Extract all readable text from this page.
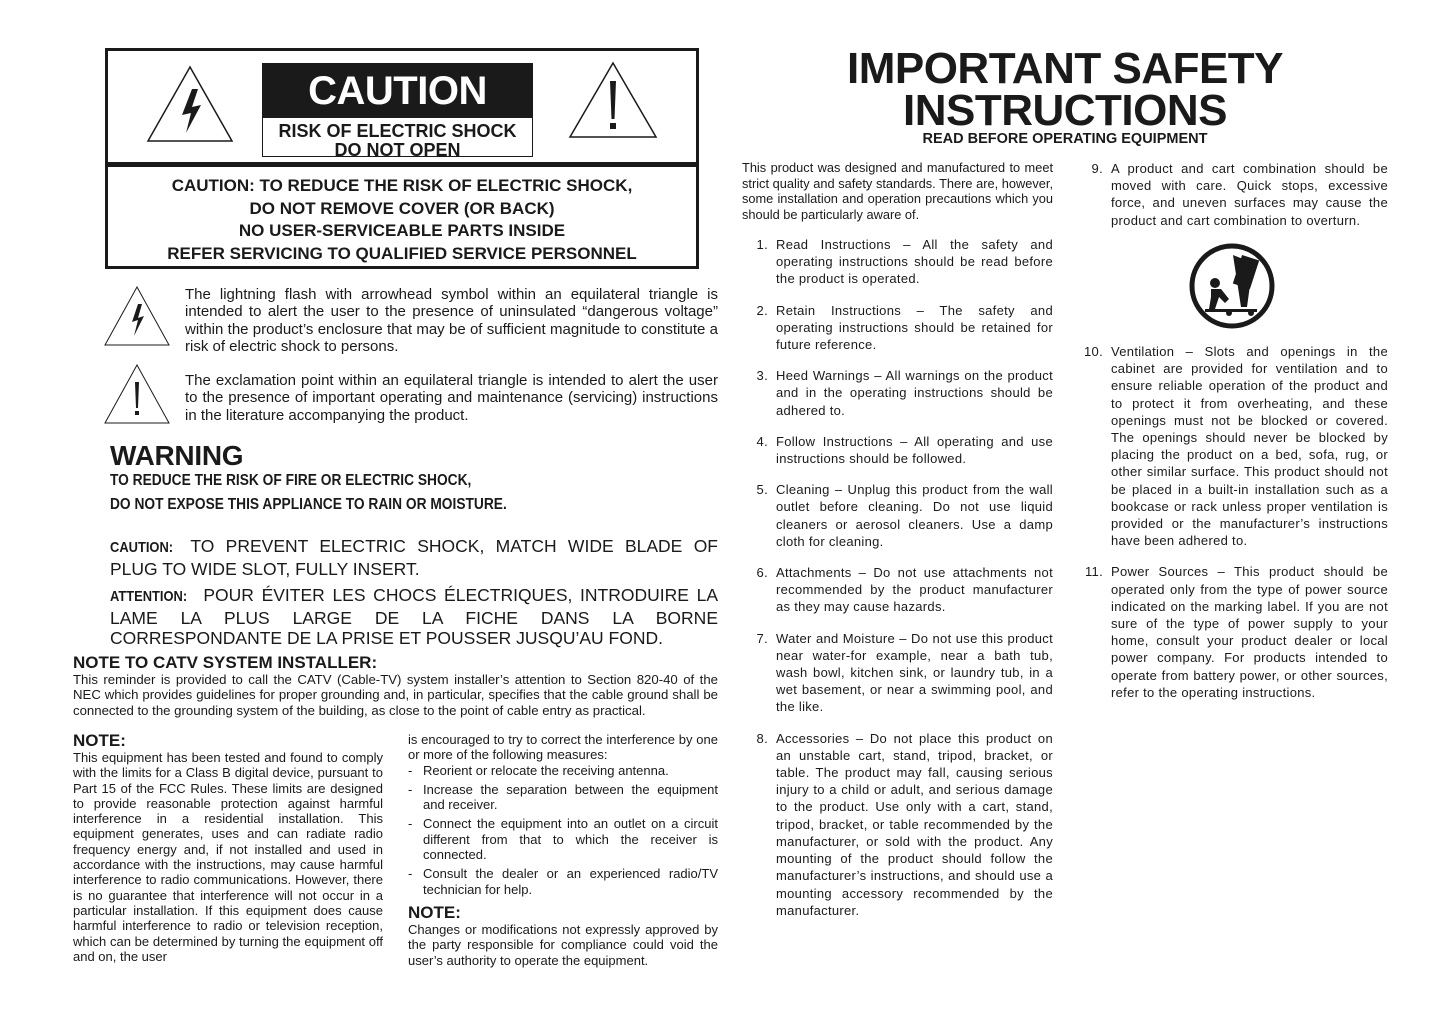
CAUTION
RISK OF ELECTRIC SHOCK
DO NOT OPEN
CAUTION: TO REDUCE THE RISK OF ELECTRIC SHOCK,
DO NOT REMOVE COVER (OR BACK)
NO USER-SERVICEABLE PARTS INSIDE
REFER SERVICING TO QUALIFIED SERVICE PERSONNEL
The lightning flash with arrowhead symbol within an equilateral triangle is intended to alert the user to the presence of uninsulated “dangerous voltage” within the product’s enclosure that may be of sufficient magnitude to constitute a risk of electric shock to persons.
The exclamation point within an equilateral triangle is intended to alert the user to the presence of important operating and maintenance (servicing) instructions in the literature accompanying the product.
WARNING
TO REDUCE THE RISK OF FIRE OR ELECTRIC SHOCK,
DO NOT EXPOSE THIS APPLIANCE TO RAIN OR MOISTURE.
CAUTION: TO PREVENT ELECTRIC SHOCK, MATCH WIDE BLADE OF PLUG TO WIDE SLOT, FULLY INSERT.
ATTENTION: POUR ÉVITER LES CHOCS ÉLECTRIQUES, INTRODUIRE LA LAME LA PLUS LARGE DE LA FICHE DANS LA BORNE CORRESPONDANTE DE LA PRISE ET POUSSER JUSQU’AU FOND.
NOTE TO CATV SYSTEM INSTALLER:
This reminder is provided to call the CATV (Cable-TV) system installer’s attention to Section 820-40 of the NEC which provides guidelines for proper grounding and, in particular, specifies that the cable ground shall be connected to the grounding system of the building, as close to the point of cable entry as practical.
NOTE:
This equipment has been tested and found to comply with the limits for a Class B digital device, pursuant to Part 15 of the FCC Rules. These limits are designed to provide reasonable protection against harmful interference in a residential installation. This equipment generates, uses and can radiate radio frequency energy and, if not installed and used in accordance with the instructions, may cause harmful interference to radio communications. However, there is no guarantee that interference will not occur in a particular installation. If this equipment does cause harmful interference to radio or television reception, which can be determined by turning the equipment off and on, the user
is encouraged to try to correct the interference by one or more of the following measures:
- Reorient or relocate the receiving antenna.
- Increase the separation between the equipment and receiver.
- Connect the equipment into an outlet on a circuit different from that to which the receiver is connected.
- Consult the dealer or an experienced radio/TV technician for help.
NOTE:
Changes or modifications not expressly approved by the party responsible for compliance could void the user’s authority to operate the equipment.
IMPORTANT SAFETY
INSTRUCTIONS
READ BEFORE OPERATING EQUIPMENT
This product was designed and manufactured to meet strict quality and safety standards. There are, however, some installation and operation precautions which you should be particularly aware of.
1. Read Instructions – All the safety and operating instructions should be read before the product is operated.
2. Retain Instructions – The safety and operating instructions should be retained for future reference.
3. Heed Warnings – All warnings on the product and in the operating instructions should be adhered to.
4. Follow Instructions – All operating and use instructions should be followed.
5. Cleaning – Unplug this product from the wall outlet before cleaning. Do not use liquid cleaners or aerosol cleaners. Use a damp cloth for cleaning.
6. Attachments – Do not use attachments not recommended by the product manufacturer as they may cause hazards.
7. Water and Moisture – Do not use this product near water-for example, near a bath tub, wash bowl, kitchen sink, or laundry tub, in a wet basement, or near a swimming pool, and the like.
8. Accessories – Do not place this product on an unstable cart, stand, tripod, bracket, or table. The product may fall, causing serious injury to a child or adult, and serious damage to the product. Use only with a cart, stand, tripod, bracket, or table recommended by the manufacturer, or sold with the product. Any mounting of the product should follow the manufacturer’s instructions, and should use a mounting accessory recommended by the manufacturer.
9. A product and cart combination should be moved with care. Quick stops, excessive force, and uneven surfaces may cause the product and cart combination to overturn.
10. Ventilation – Slots and openings in the cabinet are provided for ventilation and to ensure reliable operation of the product and to protect it from overheating, and these openings must not be blocked or covered. The openings should never be blocked by placing the product on a bed, sofa, rug, or other similar surface. This product should not be placed in a built-in installation such as a bookcase or rack unless proper ventilation is provided or the manufacturer’s instructions have been adhered to.
11. Power Sources – This product should be operated only from the type of power source indicated on the marking label. If you are not sure of the type of power supply to your home, consult your product dealer or local power company. For products intended to operate from battery power, or other sources, refer to the operating instructions.
